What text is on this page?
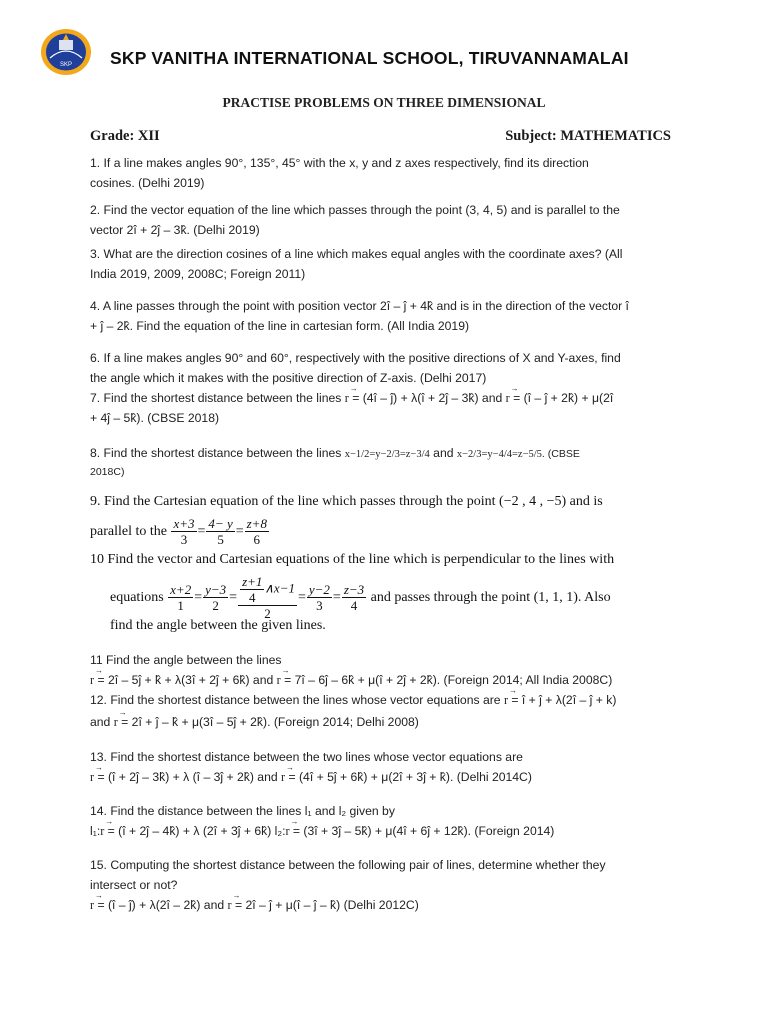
SKP SKP VANITHA INTERNATIONAL SCHOOL, TIRUVANNAMALAI
PRACTISE PROBLEMS ON THREE DIMENSIONAL
Grade: XII	Subject: MATHEMATICS
1. If a line makes angles 90°, 135°, 45° with the x, y and z axes respectively, find its direction
cosines. (Delhi 2019)
2. Find the vector equation of the line which passes through the point (3, 4, 5) and is parallel to the
vector 2î + 2ĵ – 3k̂. (Delhi 2019)
3. What are the direction cosines of a line which makes equal angles with the coordinate axes? (All
India 2019, 2009, 2008C; Foreign 2011)
4. A line passes through the point with position vector 2î – ĵ + 4k̂ and is in the direction of the vector î
+ ĵ – 2k̂. Find the equation of the line in cartesian form. (All India 2019)
6. If a line makes angles 90° and 60°, respectively with the positive directions of X and Y-axes, find
the angle which it makes with the positive direction of Z-axis. (Delhi 2017)
7. Find the shortest distance between the lines r → = (4î – ĵ) + λ(î + 2ĵ – 3k̂) and r → = (î – ĵ + 2k̂) + μ(2î
+ 4ĵ – 5k̂). (CBSE 2018)
8. Find the shortest distance between the lines x−1/2=y−2/3=z−3/4 and x−2/3=y−4/4=z−5/5. (CBSE
2018C)
9. Find the Cartesian equation of the line which passes through the point (−2 , 4 , −5) and is
parallel to the $\frac{x+3}{3} = \frac{4- y}{5} = \frac{z+8}{6}$
10 Find the vector and Cartesian equations of the line which is perpendicular to the lines with
equations $\frac{x+2}{1} = \frac{y-3}{2} = \frac{\frac{z+1}{4} \wedge x-1}{2} = \frac{y-2}{3} = \frac{z-3}{4}$ and passes through the point (1, 1, 1). Also
find the angle between the given lines.
11 Find the angle between the lines
r → = 2î – 5ĵ + k̂ + λ(3î + 2ĵ + 6k̂) and r → = 7î – 6ĵ – 6k̂ + μ(î + 2ĵ + 2k̂). (Foreign 2014; All India 2008C)
12. Find the shortest distance between the lines whose vector equations are r → = î + ĵ + λ(2î – ĵ + k)
and r → = 2î + ĵ – k̂ + μ(3î – 5ĵ + 2k̂). (Foreign 2014; Delhi 2008)
13. Find the shortest distance between the two lines whose vector equations are
r → = (î + 2ĵ – 3k̂) + λ (î – 3ĵ + 2k̂) and r → = (4î + 5ĵ + 6k̂) + μ(2î + 3ĵ + k̂). (Delhi 2014C)
14. Find the distance between the lines l₁ and l₂ given by
l₁:r → = (î + 2ĵ – 4k̂) + λ (2î + 3ĵ + 6k̂) l₂:r → = (3î + 3ĵ – 5k̂) + μ(4î + 6ĵ + 12k̂). (Foreign 2014)
15. Computing the shortest distance between the following pair of lines, determine whether they
intersect or not?
r → = (î – ĵ) + λ(2î – 2k̂) and r → = 2î – ĵ + μ(î – ĵ – k̂) (Delhi 2012C)
